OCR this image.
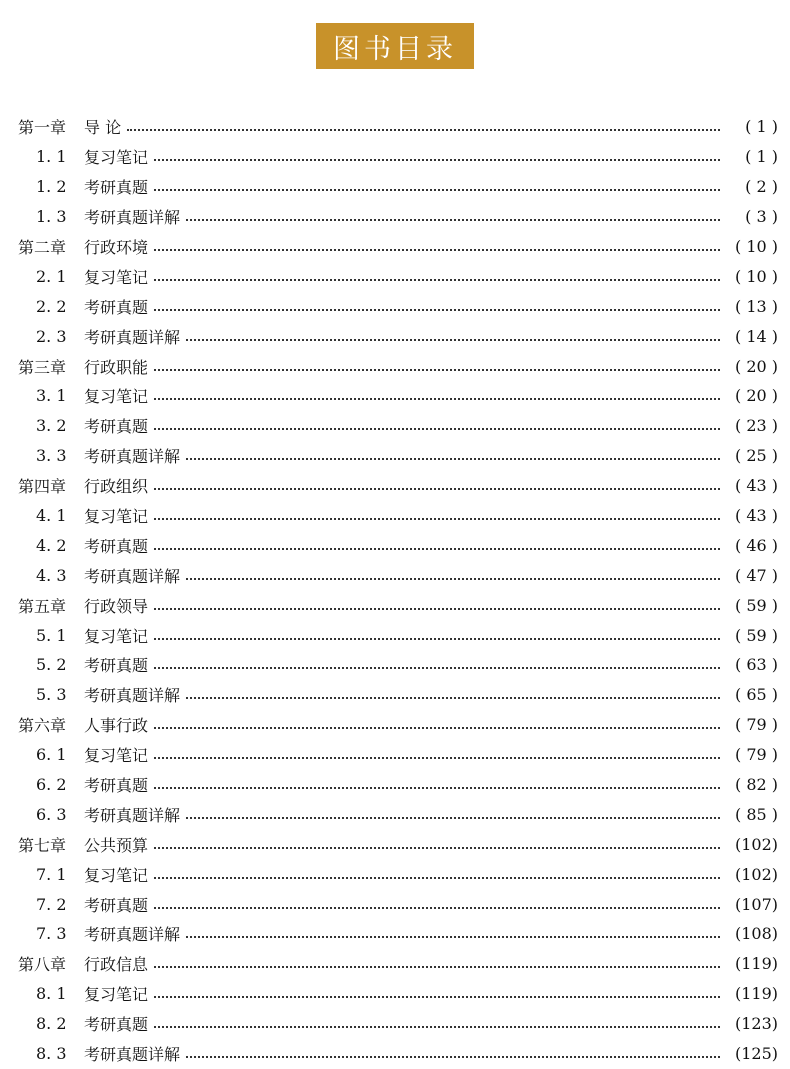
图书目录
第一章 导 论	( 1 )
1. 1	复习笔记	( 1 )
1. 2	考研真题	( 2 )
1. 3	考研真题详解	( 3 )
第二章 行政环境	( 10 )
2. 1	复习笔记	( 10 )
2. 2	考研真题	( 13 )
2. 3	考研真题详解	( 14 )
第三章 行政职能	( 20 )
3. 1	复习笔记	( 20 )
3. 2	考研真题	( 23 )
3. 3	考研真题详解	( 25 )
第四章 行政组织	( 43 )
4. 1	复习笔记	( 43 )
4. 2	考研真题	( 46 )
4. 3	考研真题详解	( 47 )
第五章 行政领导	( 59 )
5. 1	复习笔记	( 59 )
5. 2	考研真题	( 63 )
5. 3	考研真题详解	( 65 )
第六章 人事行政	( 79 )
6. 1	复习笔记	( 79 )
6. 2	考研真题	( 82 )
6. 3	考研真题详解	( 85 )
第七章 公共预算	(102)
7. 1	复习笔记	(102)
7. 2	考研真题	(107)
7. 3	考研真题详解	(108)
第八章 行政信息	(119)
8. 1	复习笔记	(119)
8. 2	考研真题	(123)
8. 3	考研真题详解	(125)
